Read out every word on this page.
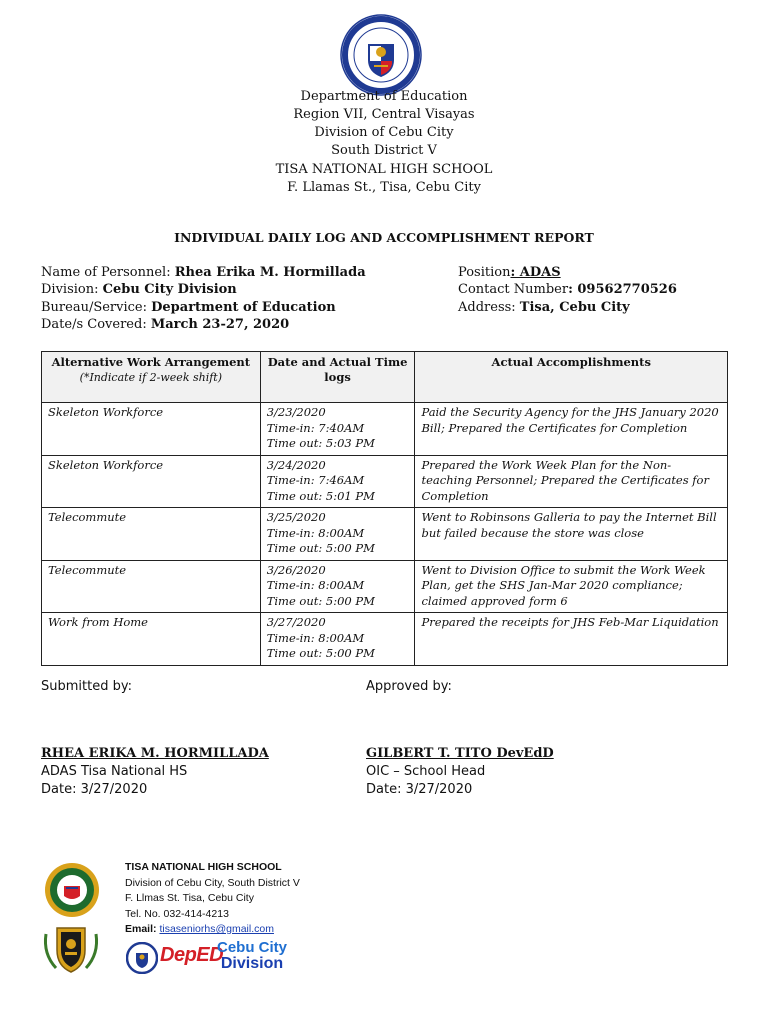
Department of Education
Region VII, Central Visayas
Division of Cebu City
South District V
TISA NATIONAL HIGH SCHOOL
F. Llamas St., Tisa, Cebu City
INDIVIDUAL DAILY LOG AND ACCOMPLISHMENT REPORT
Name of Personnel: Rhea Erika M. Hormillada
Division: Cebu City Division
Bureau/Service: Department of Education
Date/s Covered: March 23-27, 2020
Position: ADAS
Contact Number: 09562770526
Address: Tisa, Cebu City
Alternative Work Arrangement
(*Indicate if 2-week shift)	Date and Actual Time logs	Actual Accomplishments
Skeleton Workforce	3/23/2020
Time-in: 7:40AM
Time out: 5:03 PM	Paid the Security Agency for the JHS January 2020 Bill; Prepared the Certificates for Completion
Skeleton Workforce	3/24/2020
Time-in: 7:46AM
Time out: 5:01 PM	Prepared the Work Week Plan for the Non-teaching Personnel; Prepared the Certificates for Completion
Telecommute	3/25/2020
Time-in: 8:00AM
Time out: 5:00 PM	Went to Robinsons Galleria to pay the Internet Bill but failed because the store was close
Telecommute	3/26/2020
Time-in: 8:00AM
Time out: 5:00 PM	Went to Division Office to submit the Work Week Plan, get the SHS Jan-Mar 2020 compliance; claimed approved form 6
Work from Home	3/27/2020
Time-in: 8:00AM
Time out: 5:00 PM	Prepared the receipts for JHS Feb-Mar Liquidation
Submitted by:	Approved by:
RHEA ERIKA M. HORMILLADA
ADAS Tisa National HS
Date: 3/27/2020
GILBERT T. TITO DevEdD
OIC – School Head
Date: 3/27/2020
TISA NATIONAL HIGH SCHOOL
Division of Cebu City, South District V
F. Llmas St. Tisa, Cebu City
Tel. No. 032-414-4213
Email: tisaseniorhs@gmail.com
DepED
Cebu City
Division
